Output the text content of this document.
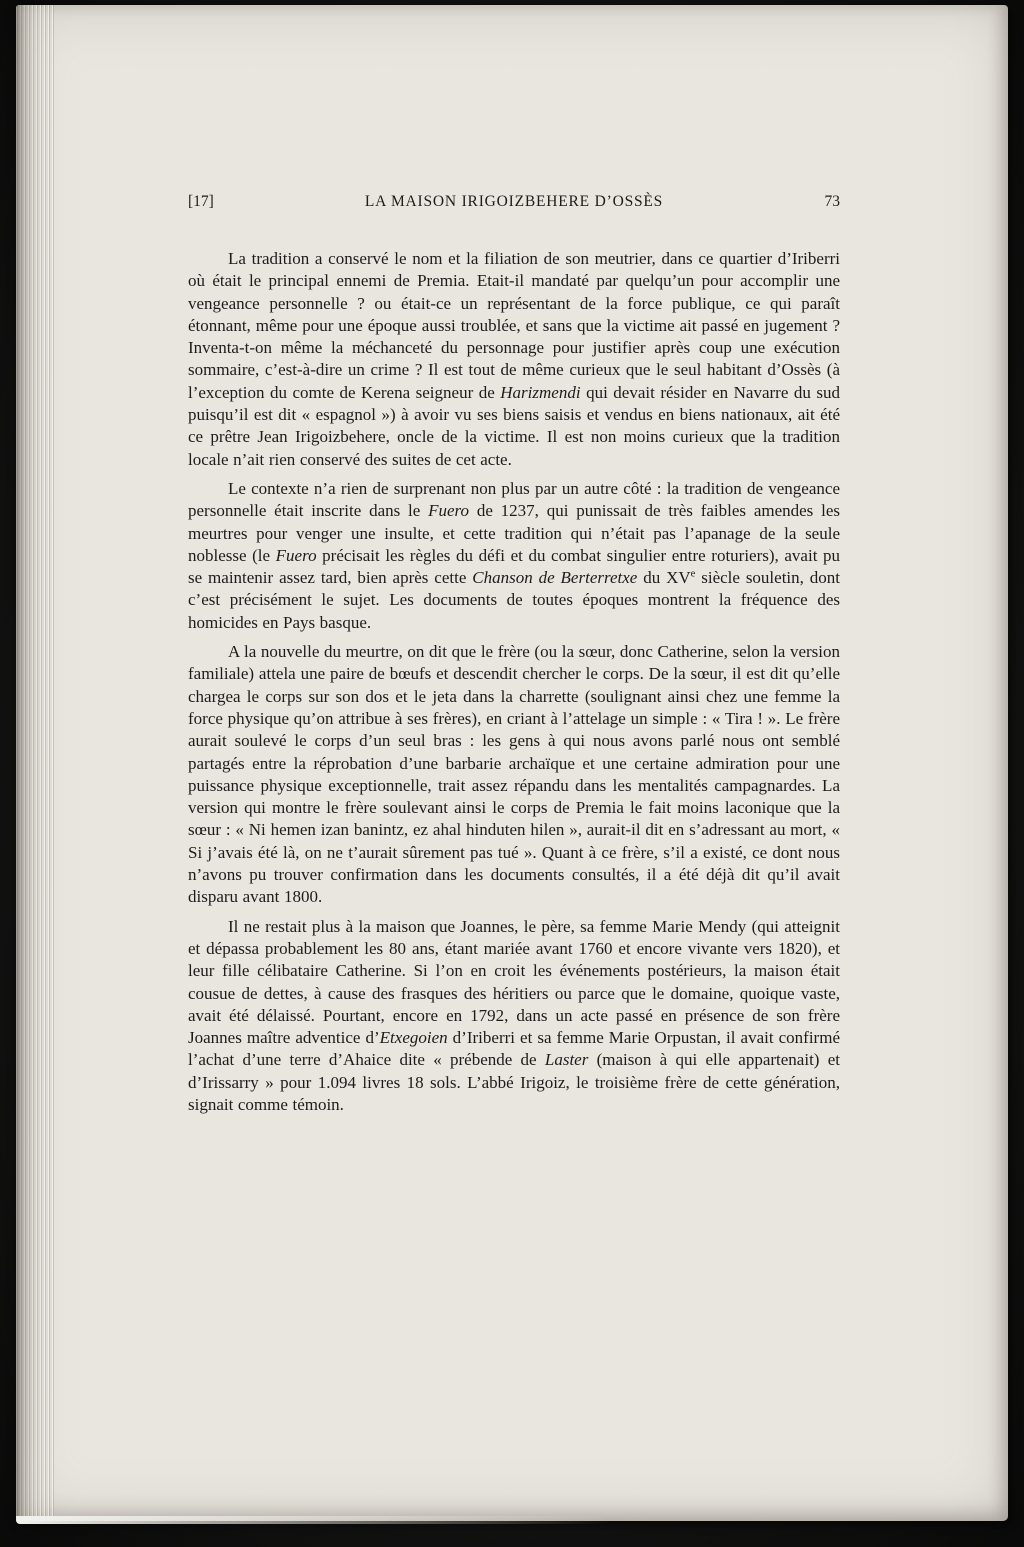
[17]	LA MAISON IRIGOIZBEHERE D’OSSÈS	73

La tradition a conservé le nom et la filiation de son meutrier, dans ce quartier d’Iriberri où était le principal ennemi de Premia. Etait-il mandaté par quelqu’un pour accomplir une vengeance personnelle ? ou était-ce un représentant de la force publique, ce qui paraît étonnant, même pour une époque aussi troublée, et sans que la victime ait passé en jugement ? Inventa-t-on même la méchanceté du personnage pour justifier après coup une exécution sommaire, c’est-à-dire un crime ? Il est tout de même curieux que le seul habitant d’Ossès (à l’exception du comte de Kerena seigneur de Harizmendi qui devait résider en Navarre du sud puisqu’il est dit « espagnol ») à avoir vu ses biens saisis et vendus en biens nationaux, ait été ce prêtre Jean Irigoizbehere, oncle de la victime. Il est non moins curieux que la tradition locale n’ait rien conservé des suites de cet acte.

Le contexte n’a rien de surprenant non plus par un autre côté : la tradition de vengeance personnelle était inscrite dans le Fuero de 1237, qui punissait de très faibles amendes les meurtres pour venger une insulte, et cette tradition qui n’était pas l’apanage de la seule noblesse (le Fuero précisait les règles du défi et du combat singulier entre roturiers), avait pu se maintenir assez tard, bien après cette Chanson de Berterretxe du XVe siècle souletin, dont c’est précisément le sujet. Les documents de toutes époques montrent la fréquence des homicides en Pays basque.

A la nouvelle du meurtre, on dit que le frère (ou la sœur, donc Catherine, selon la version familiale) attela une paire de bœufs et descendit chercher le corps. De la sœur, il est dit qu’elle chargea le corps sur son dos et le jeta dans la charrette (soulignant ainsi chez une femme la force physique qu’on attribue à ses frères), en criant à l’attelage un simple : « Tira ! ». Le frère aurait soulevé le corps d’un seul bras : les gens à qui nous avons parlé nous ont semblé partagés entre la réprobation d’une barbarie archaïque et une certaine admiration pour une puissance physique exceptionnelle, trait assez répandu dans les mentalités campagnardes. La version qui montre le frère soulevant ainsi le corps de Premia le fait moins laconique que la sœur : « Ni hemen izan banintz, ez ahal hinduten hilen », aurait-il dit en s’adressant au mort, « Si j’avais été là, on ne t’aurait sûrement pas tué ». Quant à ce frère, s’il a existé, ce dont nous n’avons pu trouver confirmation dans les documents consultés, il a été déjà dit qu’il avait disparu avant 1800.

Il ne restait plus à la maison que Joannes, le père, sa femme Marie Mendy (qui atteignit et dépassa probablement les 80 ans, étant mariée avant 1760 et encore vivante vers 1820), et leur fille célibataire Catherine. Si l’on en croit les événements postérieurs, la maison était cousue de dettes, à cause des frasques des héritiers ou parce que le domaine, quoique vaste, avait été délaissé. Pourtant, encore en 1792, dans un acte passé en présence de son frère Joannes maître adventice d’Etxegoien d’Iriberri et sa femme Marie Orpustan, il avait confirmé l’achat d’une terre d’Ahaice dite « prébende de Laster (maison à qui elle appartenait) et d’Irissarry » pour 1.094 livres 18 sols. L’abbé Irigoiz, le troisième frère de cette génération, signait comme témoin.
